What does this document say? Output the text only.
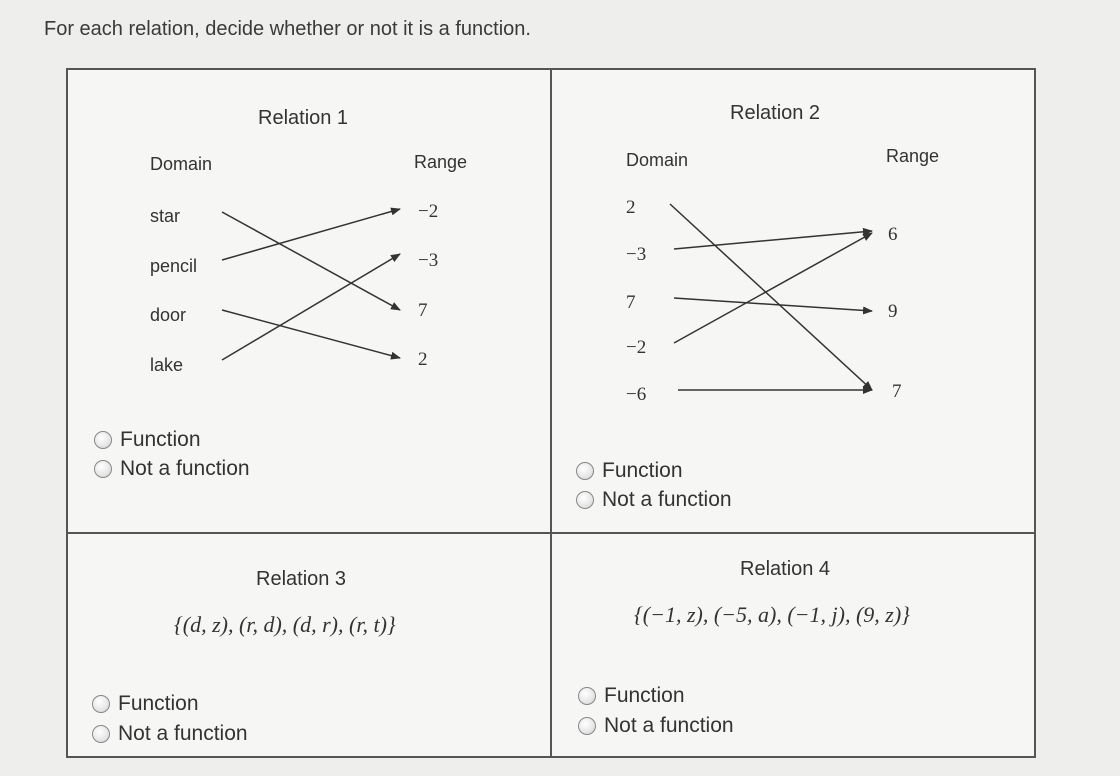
For each relation, decide whether or not it is a function.
Relation 1
Domain	Range
star
pencil
door
lake
−2
−3
7
2
Function
Not a function
Relation 2
Domain	Range
2
−3
7
−2
−6
6
9
7
Function
Not a function
Relation 3
{(d, z), (r, d), (d, r), (r, t)}
Function
Not a function
Relation 4
{(−1, z), (−5, a), (−1, j), (9, z)}
Function
Not a function
